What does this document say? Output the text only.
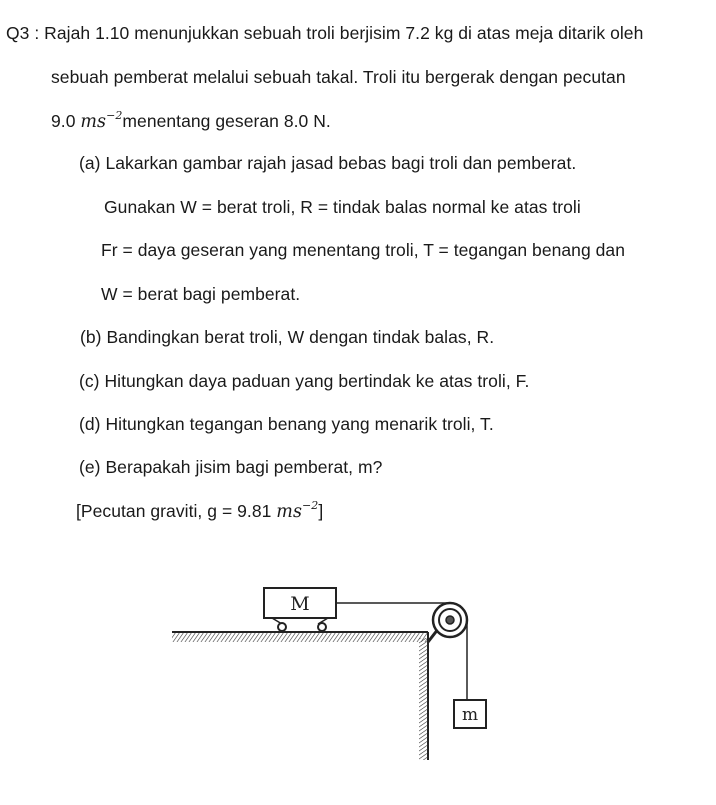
Q3 : Rajah 1.10 menunjukkan sebuah troli berjisim 7.2 kg di atas meja ditarik oleh
sebuah pemberat melalui sebuah takal. Troli itu bergerak dengan pecutan
9.0 $ms^{-2}menentang$ geseran 8.0 N.
(a) Lakarkan gambar rajah jasad bebas bagi troli dan pemberat.
Gunakan W = berat troli, R = tindak balas normal ke atas troli
Fr = daya geseran yang menentang troli, T = tegangan benang dan
W = berat bagi pemberat.
(b) Bandingkan berat troli, W dengan tindak balas, R.
(c) Hitungkan daya paduan yang bertindak ke atas troli, F.
(d) Hitungkan tegangan benang yang menarik troli, T.
(e) Berapakah jisim bagi pemberat, m?
[Pecutan graviti, g = 9.81 $ms^{-2}$]
M
m
